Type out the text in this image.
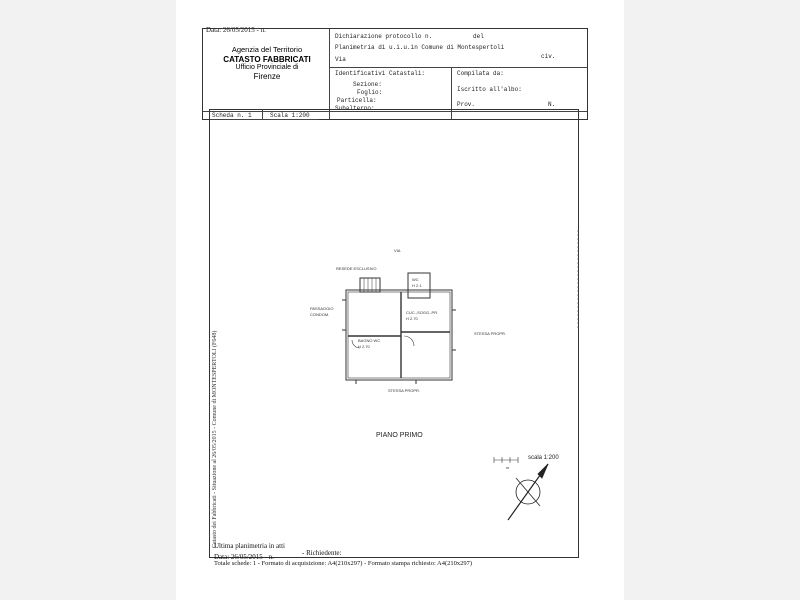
Data: 26/05/2015 - n.
Agenzia del Territorio
CATASTO FABBRICATI
Ufficio Provinciale di
Firenze
Dichiarazione protocollo n.	del
Planimetria di u.i.u.in Comune di Montespertoli
Via	civ.
Identificativi Catastali:
Sezione:
Foglio:
Particella:
Subalterno:
Compilata da:
Iscritto all'albo:
Prov.	N.
Scheda n. 1	Scala 1:200
VIA
RESEDE ESCLUSIVO
PASSAGGIO
CONDOM.
WC
H 2.1
CUC.-SOGG.-PR.
H 2.70
BAGNO WC
H 2.70
STESSA PROPR.
STESSA PROPR.
PIANO PRIMO
scala 1:200
m
Catasto dei Fabbricati - Situazione al 26/05/2015 - Comune di MONTESPERTOLI (F648)
Ultima planimetria in atti
Data: 26/05/2015 - n.	- Richiedente:
Totale schede: 1 - Formato di acquisizione: A4(210x297) - Formato stampa richiesto: A4(210x297)
